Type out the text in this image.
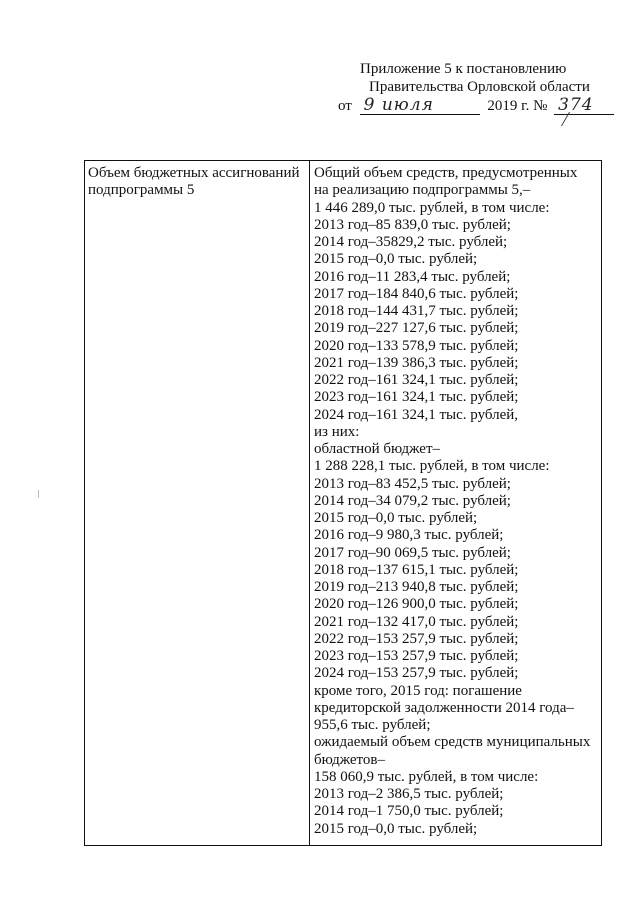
Приложение 5 к постановлению
Правительства Орловской области
от 9 июля	2019 г. № 374
Объем бюджетных ассигнований
подпрограммы 5
Общий объем средств, предусмотренных
на реализацию подпрограммы 5,–
1 446 289,0 тыс. рублей, в том числе:
2013 год–85 839,0 тыс. рублей;
2014 год–35829,2 тыс. рублей;
2015 год–0,0 тыс. рублей;
2016 год–11 283,4 тыс. рублей;
2017 год–184 840,6 тыс. рублей;
2018 год–144 431,7 тыс. рублей;
2019 год–227 127,6 тыс. рублей;
2020 год–133 578,9 тыс. рублей;
2021 год–139 386,3 тыс. рублей;
2022 год–161 324,1 тыс. рублей;
2023 год–161 324,1 тыс. рублей;
2024 год–161 324,1 тыс. рублей,
из них:
областной бюджет–
1 288 228,1 тыс. рублей, в том числе:
2013 год–83 452,5 тыс. рублей;
2014 год–34 079,2 тыс. рублей;
2015 год–0,0 тыс. рублей;
2016 год–9 980,3 тыс. рублей;
2017 год–90 069,5 тыс. рублей;
2018 год–137 615,1 тыс. рублей;
2019 год–213 940,8 тыс. рублей;
2020 год–126 900,0 тыс. рублей;
2021 год–132 417,0 тыс. рублей;
2022 год–153 257,9 тыс. рублей;
2023 год–153 257,9 тыс. рублей;
2024 год–153 257,9 тыс. рублей;
кроме того, 2015 год: погашение
кредиторской задолженности 2014 года–
955,6 тыс. рублей;
ожидаемый объем средств муниципальных
бюджетов–
158 060,9 тыс. рублей, в том числе:
2013 год–2 386,5 тыс. рублей;
2014 год–1 750,0 тыс. рублей;
2015 год–0,0 тыс. рублей;
